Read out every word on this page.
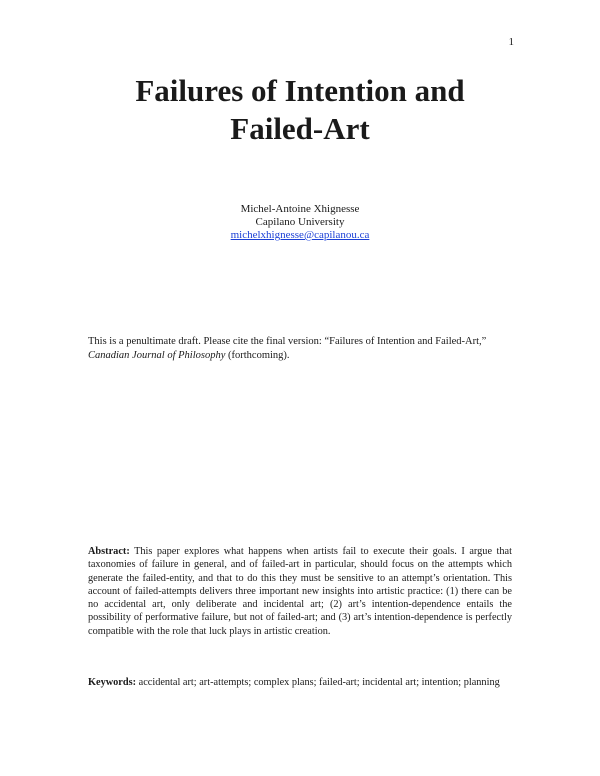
1
Failures of Intention and
Failed-Art
Michel-Antoine Xhignesse
Capilano University
michelxhignesse@capilanou.ca

This is a penultimate draft. Please cite the final version: “Failures of Intention and Failed-Art,” Canadian Journal of Philosophy (forthcoming).

Abstract: This paper explores what happens when artists fail to execute their goals. I argue that taxonomies of failure in general, and of failed-art in particular, should focus on the attempts which generate the failed-entity, and that to do this they must be sensitive to an attempt’s orientation. This account of failed-attempts delivers three important new insights into artistic practice: (1) there can be no accidental art, only deliberate and incidental art; (2) art’s intention-dependence entails the possibility of performative failure, but not of failed-art; and (3) art’s intention-dependence is perfectly compatible with the role that luck plays in artistic creation.

Keywords: accidental art; art-attempts; complex plans; failed-art; incidental art; intention; planning
